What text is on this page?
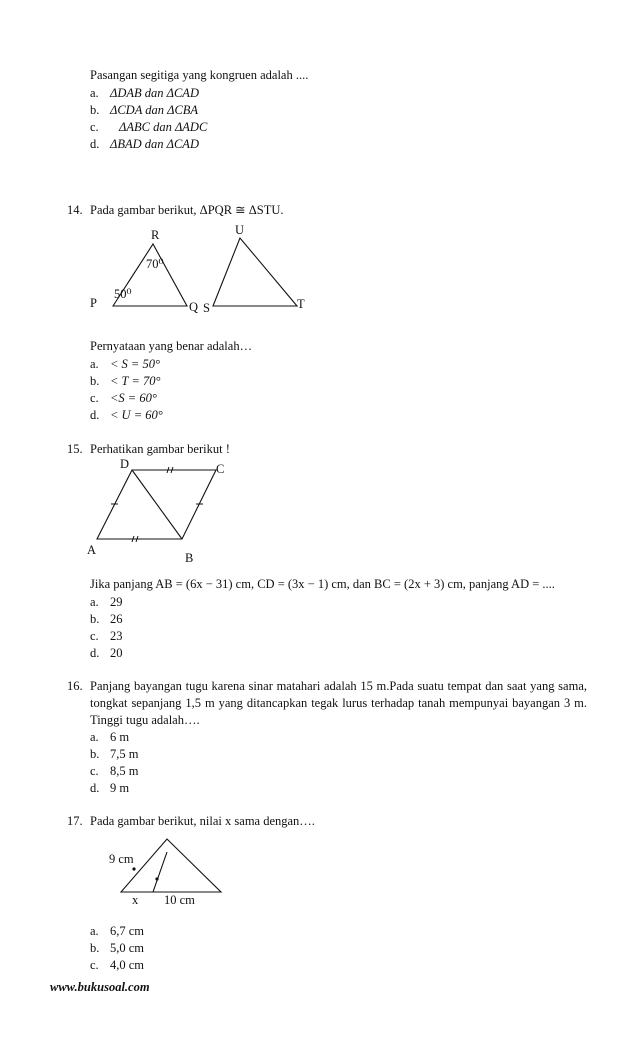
Pasangan segitiga yang kongruen adalah ....
a. ΔDAB dan ΔCAD
b. ΔCDA dan ΔCBA
c. ΔABC dan ΔADC
d. ΔBAD dan ΔCAD
14. Pada gambar berikut, ΔPQR ≅ ΔSTU.
R	U
P	Q S	T
70⁰
50⁰
Pernyataan yang benar adalah…
a. < S = 50°
b. < T = 70°
c. <S = 60°
d. < U = 60°
15. Perhatikan gambar berikut !
D	C
A
B
Jika panjang AB = (6x − 31) cm, CD = (3x − 1) cm, dan BC = (2x + 3) cm, panjang AD = ....
a. 29
b. 26
c. 23
d. 20
16. Panjang bayangan tugu karena sinar matahari adalah 15 m.Pada suatu tempat dan saat yang sama,
tongkat sepanjang 1,5 m yang ditancapkan tegak lurus terhadap tanah mempunyai bayangan 3 m.
Tinggi tugu adalah….
a. 6 m
b. 7,5 m
c. 8,5 m
d. 9 m
17. Pada gambar berikut, nilai x sama dengan….
9 cm
x 10 cm
a. 6,7 cm
b. 5,0 cm
c. 4,0 cm
www.bukusoal.com
